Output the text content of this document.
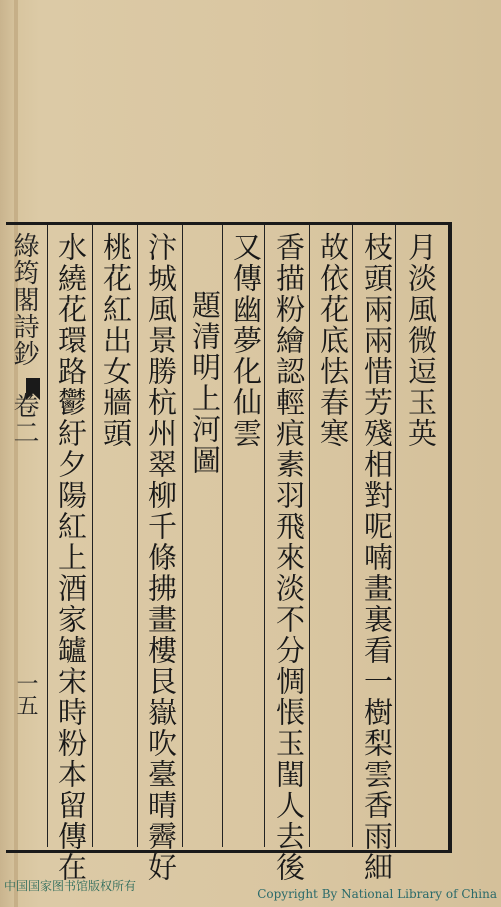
綠筠閣詩鈔
卷二
一五
月淡風微逗玉英
枝頭兩兩惜芳殘相對呢喃畫裏看一樹梨雲香雨細
故依花底怯春寒
香描粉繪認輕痕素羽飛來淡不分惆悵玉閨人去後
又傳幽夢化仙雲
題清明上河圖
汴城風景勝杭州翠柳千條拂畫樓艮嶽吹臺晴霽好
桃花紅出女牆頭
水繞花環路鬱紆夕陽紅上酒家罏宋時粉本留傳在
中国国家图书馆版权所有
Copyright By National Library of China
